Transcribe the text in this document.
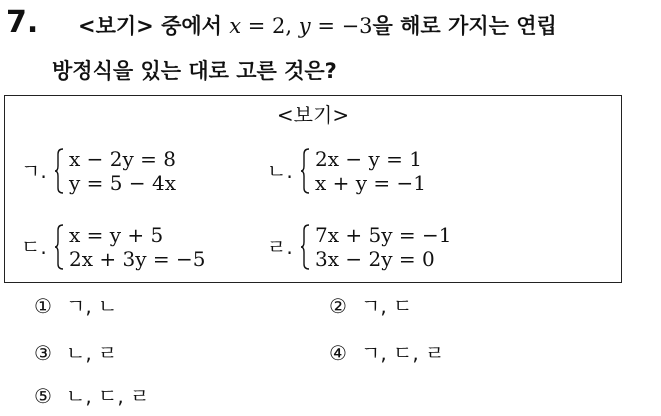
7. <보기> 중에서 x = 2, y = −3을 해로 가지는 연립
방정식을 있는 대로 고른 것은?
<보기>
ㄱ. x − 2y = 8
y = 5 − 4x	ㄴ. 2x − y = 1
x + y = −1
ㄷ. x = y + 5
2x + 3y = −5	ㄹ. 7x + 5y = −1
3x − 2y = 0
① ㄱ, ㄴ	② ㄱ, ㄷ
③ ㄴ, ㄹ	④ ㄱ, ㄷ, ㄹ
⑤ ㄴ, ㄷ, ㄹ
